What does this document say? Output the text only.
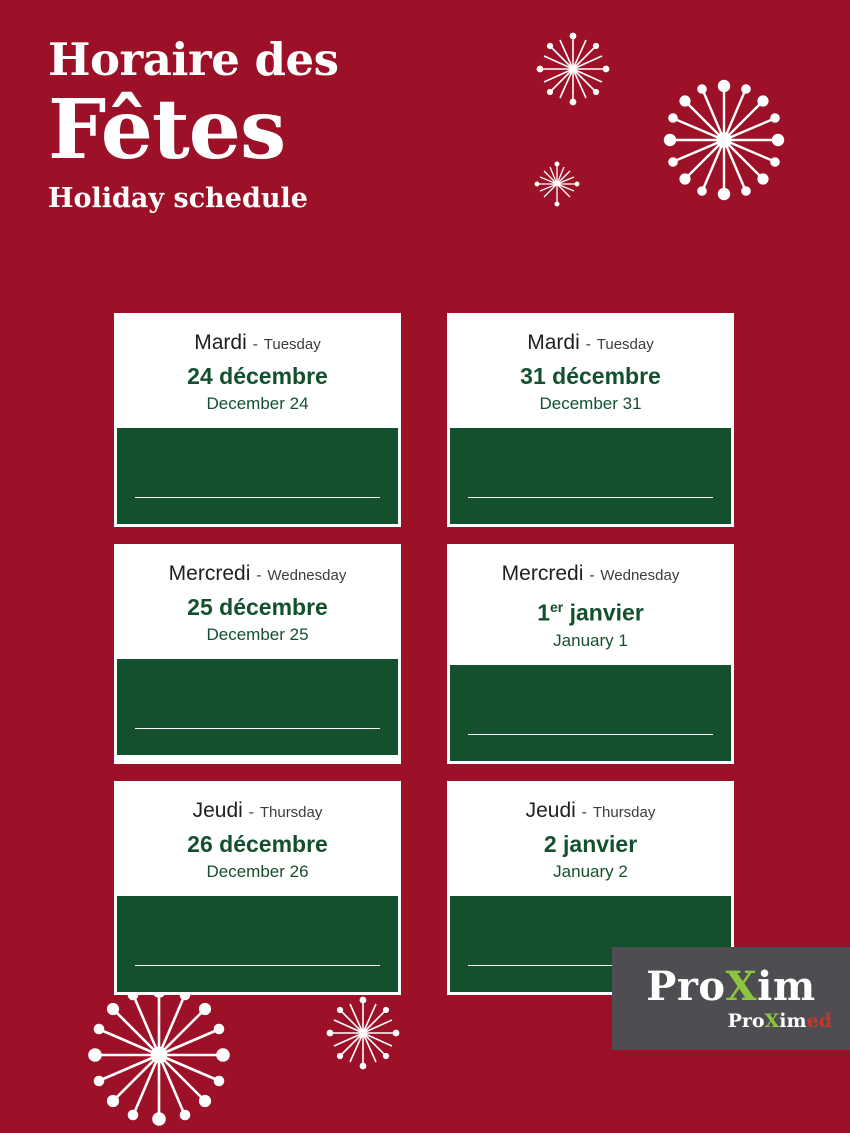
Horaire des
Fêtes
Holiday schedule
Mardi - Tuesday
24 décembre
December 24
Mardi - Tuesday
31 décembre
December 31
Mercredi - Wednesday
25 décembre
December 25
Mercredi - Wednesday
1er janvier
January 1
Jeudi - Thursday
26 décembre
December 26
Jeudi - Thursday
2 janvier
January 2
ProXim
ProXimed
